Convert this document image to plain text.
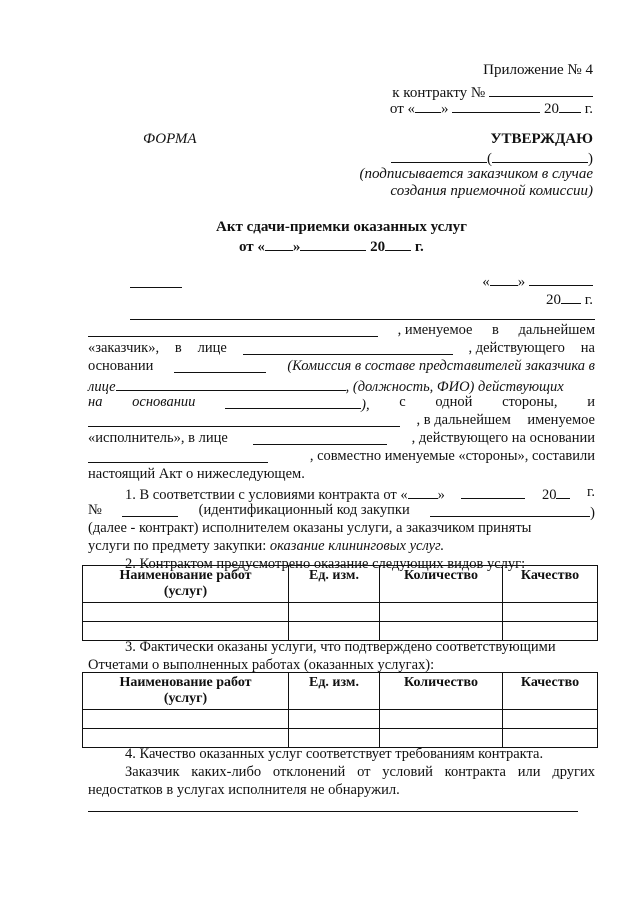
Приложение № 4
к контракту №
от « »	20 г.
ФОРМА	УТВЕРЖДАЮ
(	)
(подписывается заказчиком в случае
создания приемочной комиссии)
Акт сдачи-приемки оказанных услуг
от « »	20 г.
« »
20 г.
, именуемое в дальнейшем
«заказчик», в лице	, действующего на
основании	(Комиссия в составе представителей заказчика в
лице	, (должность, ФИО) действующих
на основании	), с одной стороны, и
, в дальнейшем именуемое
«исполнитель», в лице	, действующего на основании
, совместно именуемые «стороны», составили
настоящий Акт о нижеследующем.
1. В соответствии с условиями контракта от « »	20	г.
№	(идентификационный код закупки	)
(далее - контракт) исполнителем оказаны услуги, а заказчиком приняты
услуги по предмету закупки: оказание клининговых услуг.
2. Контрактом предусмотрено оказание следующих видов услуг:
Наименование работ
(услуг)	Ед. изм.	Количество	Качество

3. Фактически оказаны услуги, что подтверждено соответствующими
Отчетами о выполненных работах (оказанных услугах):
Наименование работ
(услуг)	Ед. изм.	Количество	Качество

4. Качество оказанных услуг соответствует требованиям контракта.
Заказчик каких-либо отклонений от условий контракта или других
недостатков в услугах исполнителя не обнаружил.
